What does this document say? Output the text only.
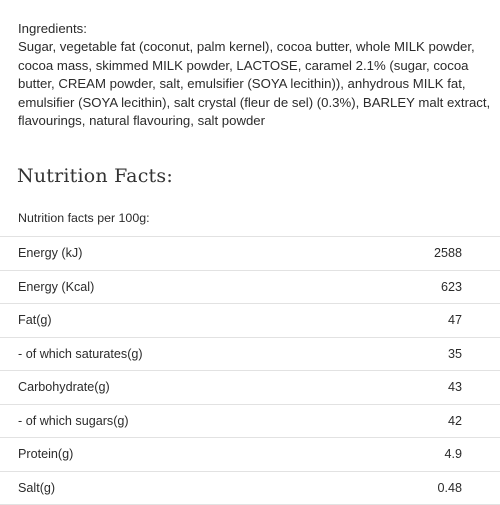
Ingredients:
Sugar, vegetable fat (coconut, palm kernel), cocoa butter, whole MILK powder, cocoa mass, skimmed MILK powder, LACTOSE, caramel 2.1% (sugar, cocoa butter, CREAM powder, salt, emulsifier (SOYA lecithin)), anhydrous MILK fat, emulsifier (SOYA lecithin), salt crystal (fleur de sel) (0.3%), BARLEY malt extract, flavourings, natural flavouring, salt powder
Nutrition Facts:
Nutrition facts per 100g:
Energy (kJ)	2588
Energy (Kcal)	623
Fat(g)	47
- of which saturates(g)	35
Carbohydrate(g)	43
- of which sugars(g)	42
Protein(g)	4.9
Salt(g)	0.48
